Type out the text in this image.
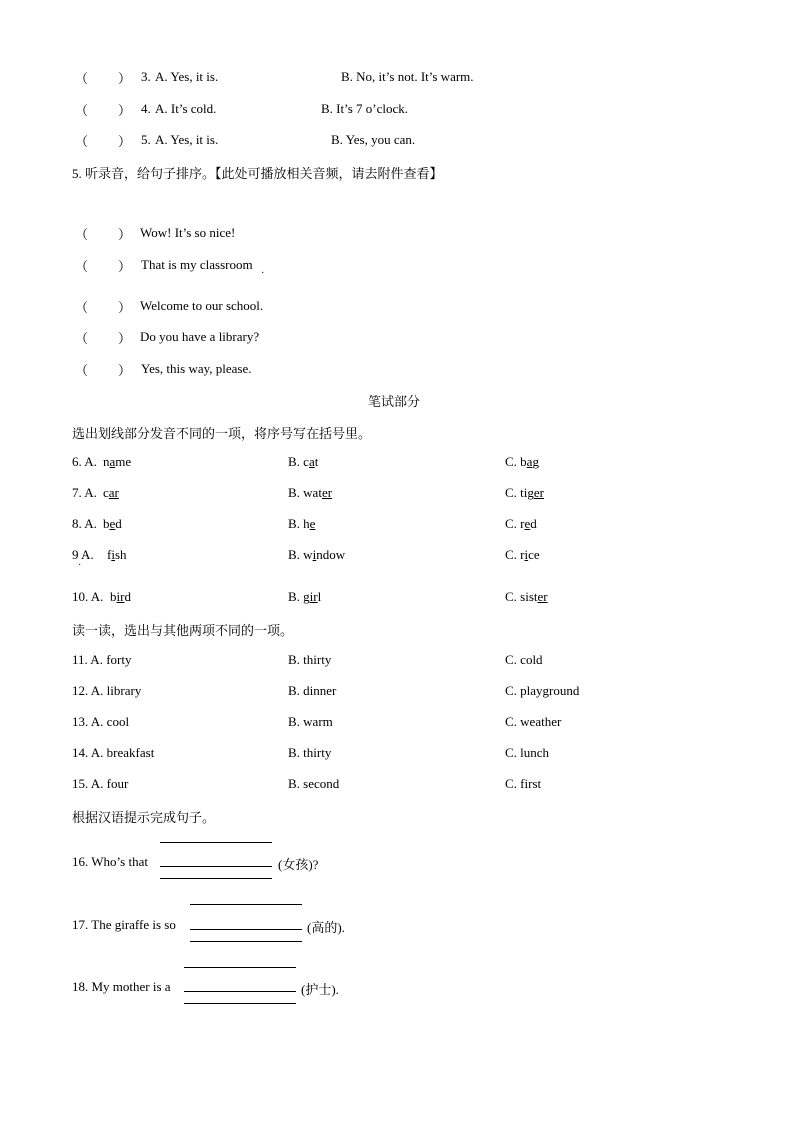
（ ） 3. A. Yes, it is.	B. No, it’s not. It’s warm.
（ ） 4. A. It’s cold.	B. It’s 7 o’clock.
（ ） 5. A. Yes, it is.	B. Yes, you can.
5. 听录音，给句子排序。【此处可播放相关音频，请去附件查看】
（ ） Wow! It’s so nice!
（ ） That is my classroom
·
（ ） Welcome to our school.
（ ） Do you have a library?
（ ） Yes, this way, please.
笔试部分
选出划线部分发音不同的一项，将序号写在括号里。
6. A. name	B. cat	C. bag
7. A. car	B. water	C. tiger
8. A. bed	B. he	C. red
9 A. fish	B. window	C. rice
·
10. A. bird	B. girl	C. sister
读一读，选出与其他两项不同的一项。
11. A. forty	B. thirty	C. cold
12. A. library	B. dinner	C. playground
13. A. cool	B. warm	C. weather
14. A. breakfast	B. thirty	C. lunch
15. A. four	B. second	C. first
根据汉语提示完成句子。
16. Who’s that	(女孩)?
17. The giraffe is so	(高的).
18. My mother is a	(护士).
